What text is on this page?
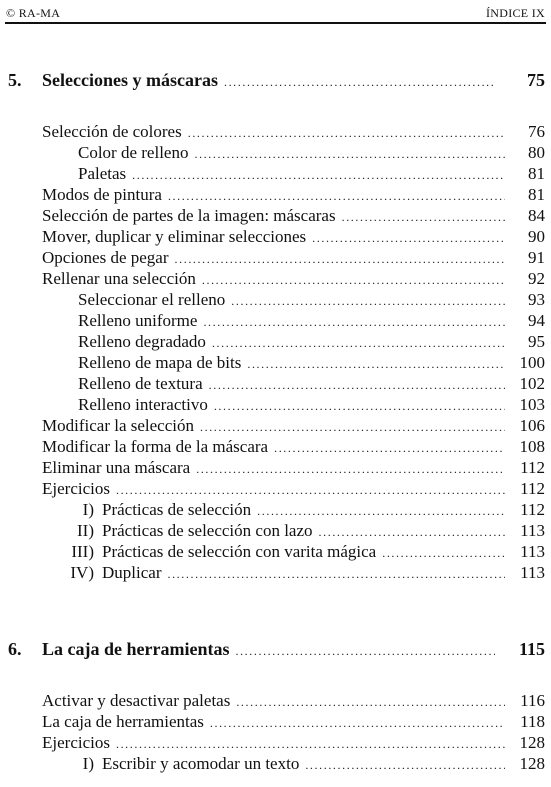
© RA-MA	ÍNDICE IX
5. Selecciones y máscaras .....	75
Selección de colores .....	76
Color de relleno .....	80
Paletas .....	81
Modos de pintura .....	81
Selección de partes de la imagen: máscaras .....	84
Mover, duplicar y eliminar selecciones .....	90
Opciones de pegar .....	91
Rellenar una selección .....	92
Seleccionar el relleno .....	93
Relleno uniforme .....	94
Relleno degradado .....	95
Relleno de mapa de bits .....	100
Relleno de textura .....	102
Relleno interactivo .....	103
Modificar la selección .....	106
Modificar la forma de la máscara .....	108
Eliminar una máscara .....	112
Ejercicios .....	112
I) Prácticas de selección .....	112
II) Prácticas de selección con lazo .....	113
III) Prácticas de selección con varita mágica .....	113
IV) Duplicar .....	113
6. La caja de herramientas .....	115
Activar y desactivar paletas .....	116
La caja de herramientas .....	118
Ejercicios .....	128
I) Escribir y acomodar un texto .....	128
